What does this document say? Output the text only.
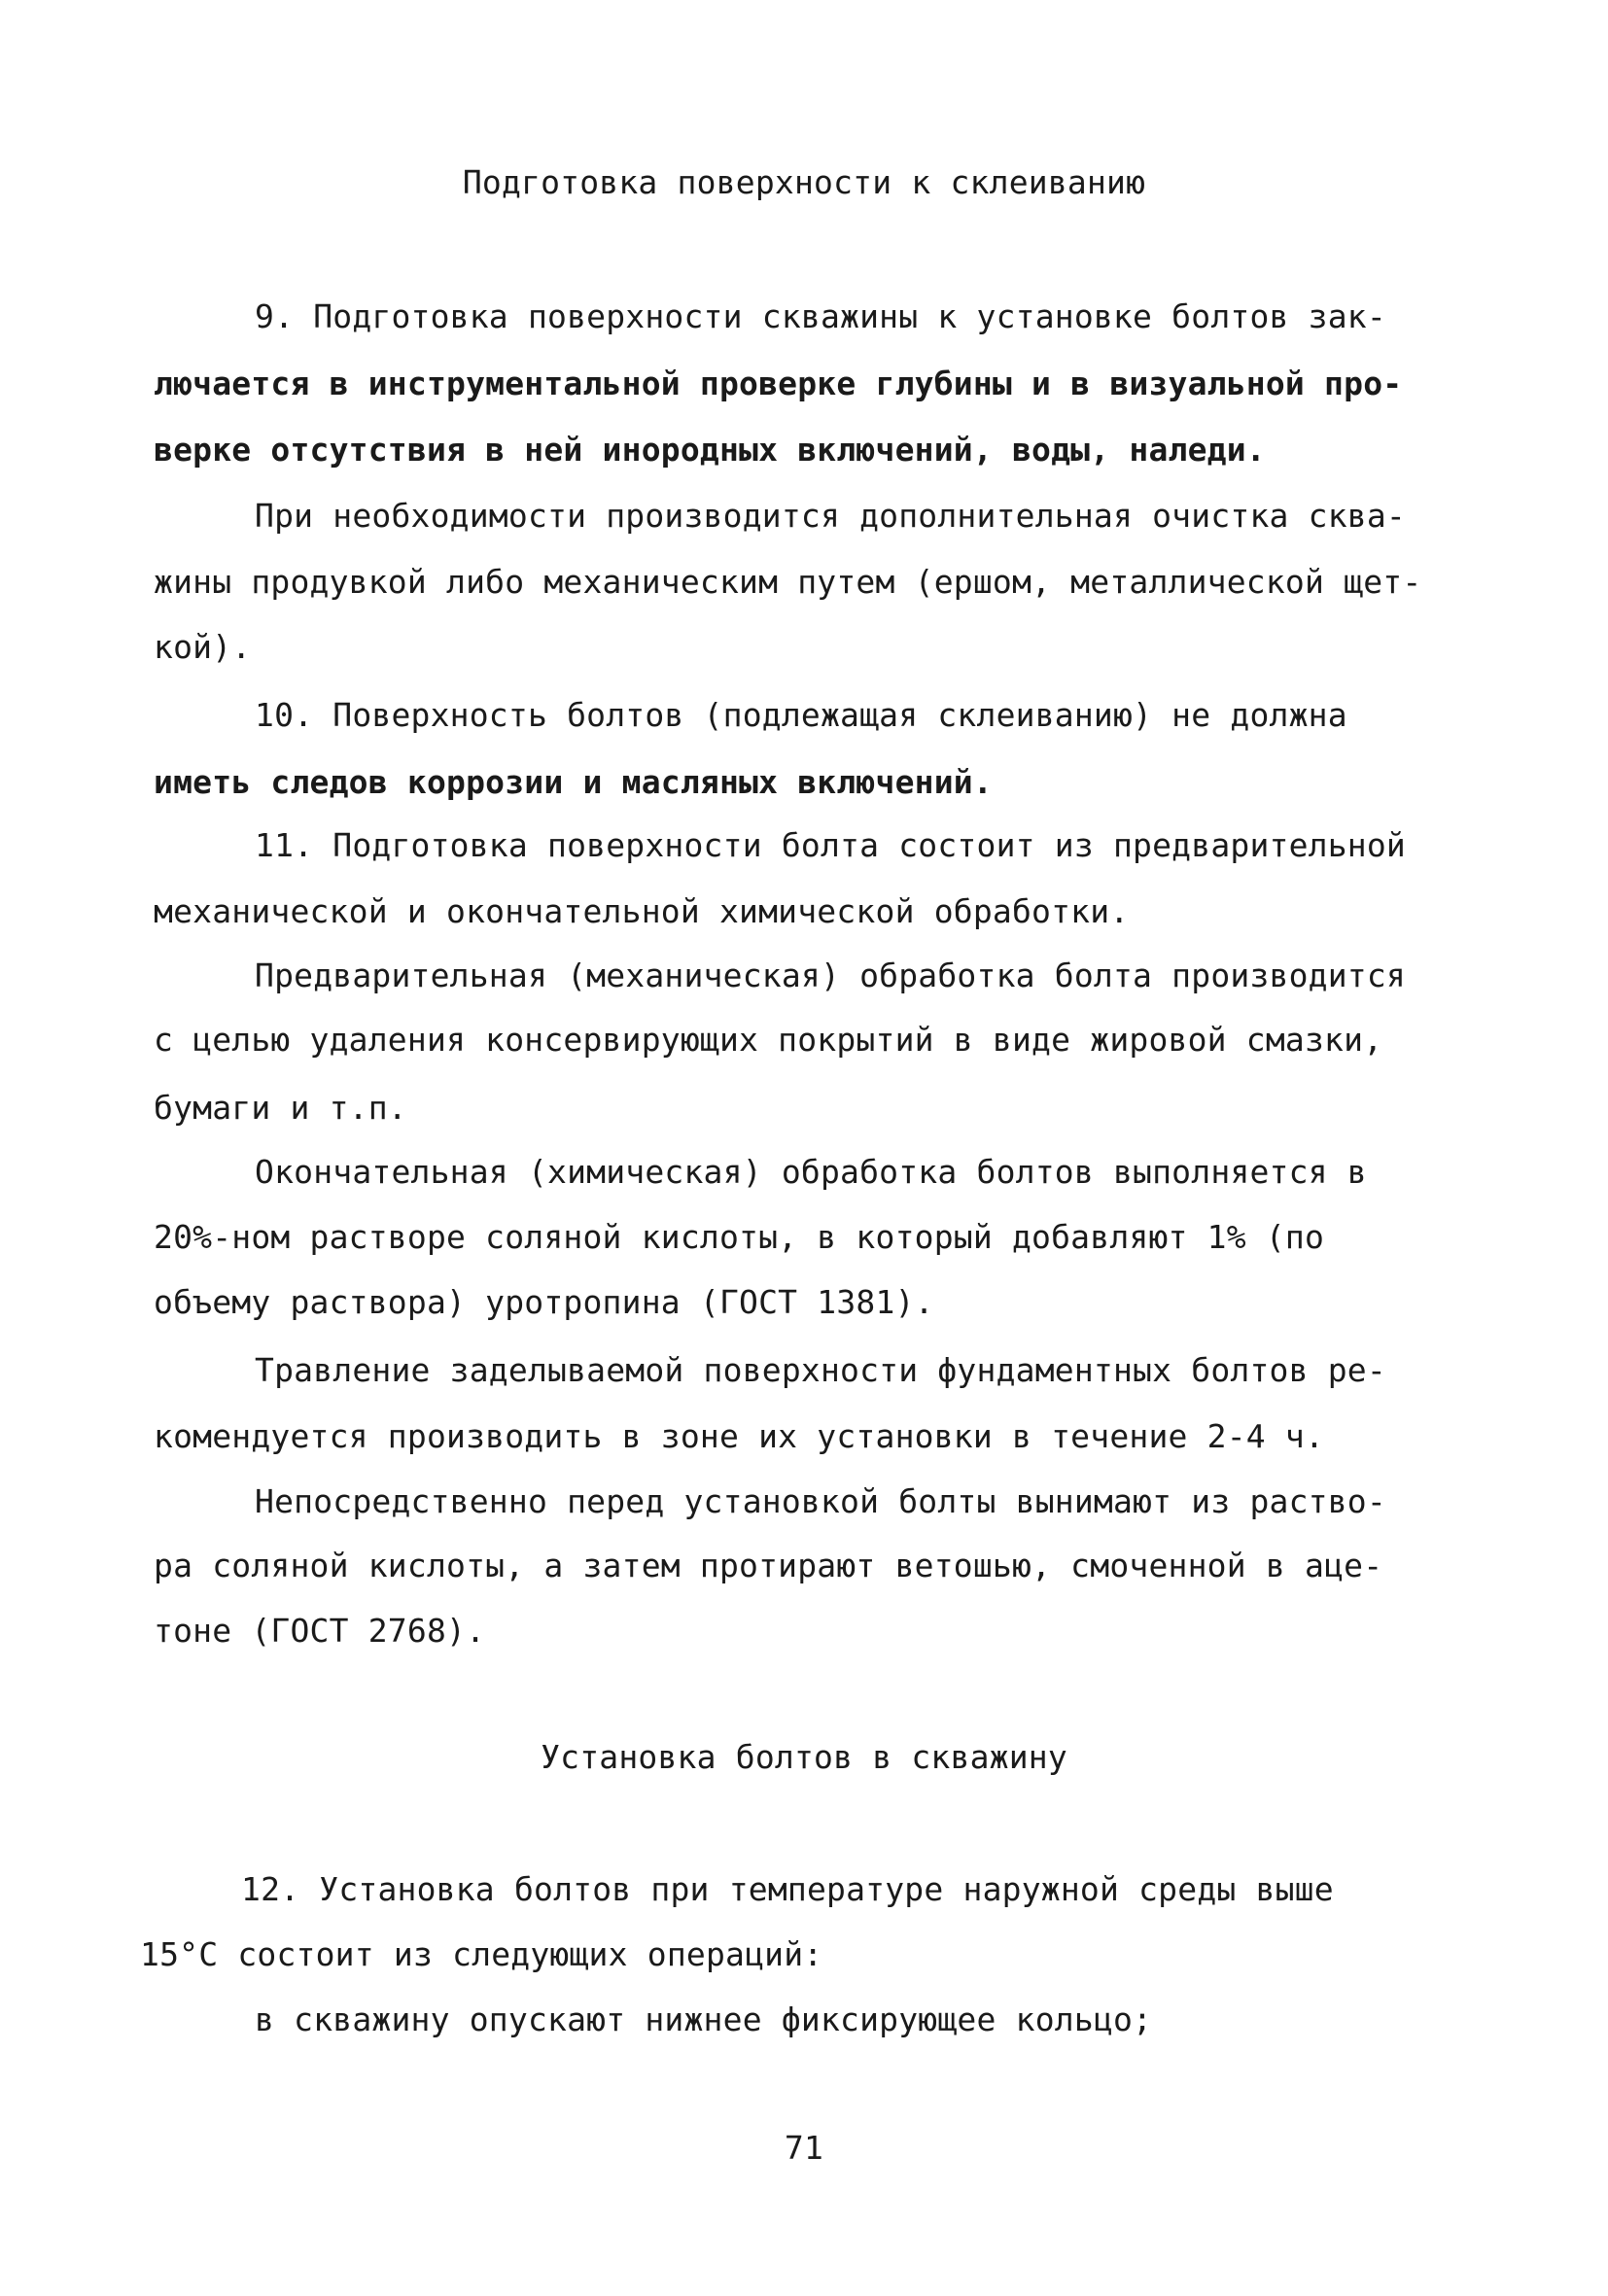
Подготовка поверхности к склеиванию
9. Подготовка поверхности скважины к установке болтов зак-
лючается в инструментальной проверке глубины и в визуальной про-
верке отсутствия в ней инородных включений, воды, наледи.
При необходимости производится дополнительная очистка сква-
жины продувкой либо механическим путем (ершом, металлической щет-
кой).
10. Поверхность болтов (подлежащая склеиванию) не должна
иметь следов коррозии и масляных включений.
11. Подготовка поверхности болта состоит из предварительной
механической и окончательной химической обработки.
Предварительная (механическая) обработка болта производится
с целью удаления консервирующих покрытий в виде жировой смазки,
бумаги и т.п.
Окончательная (химическая) обработка болтов выполняется в
20%-ном растворе соляной кислоты, в который добавляют 1% (по
объему раствора) уротропина (ГОСТ 1381).
Травление заделываемой поверхности фундаментных болтов ре-
комендуется производить в зоне их установки в течение 2-4 ч.
Непосредственно перед установкой болты вынимают из раство-
ра соляной кислоты, а затем протирают ветошью, смоченной в аце-
тоне (ГОСТ 2768).
Установка болтов в скважину
12. Установка болтов при температуре наружной среды выше
15°С состоит из следующих операций:
в скважину опускают нижнее фиксирующее кольцо;
71
